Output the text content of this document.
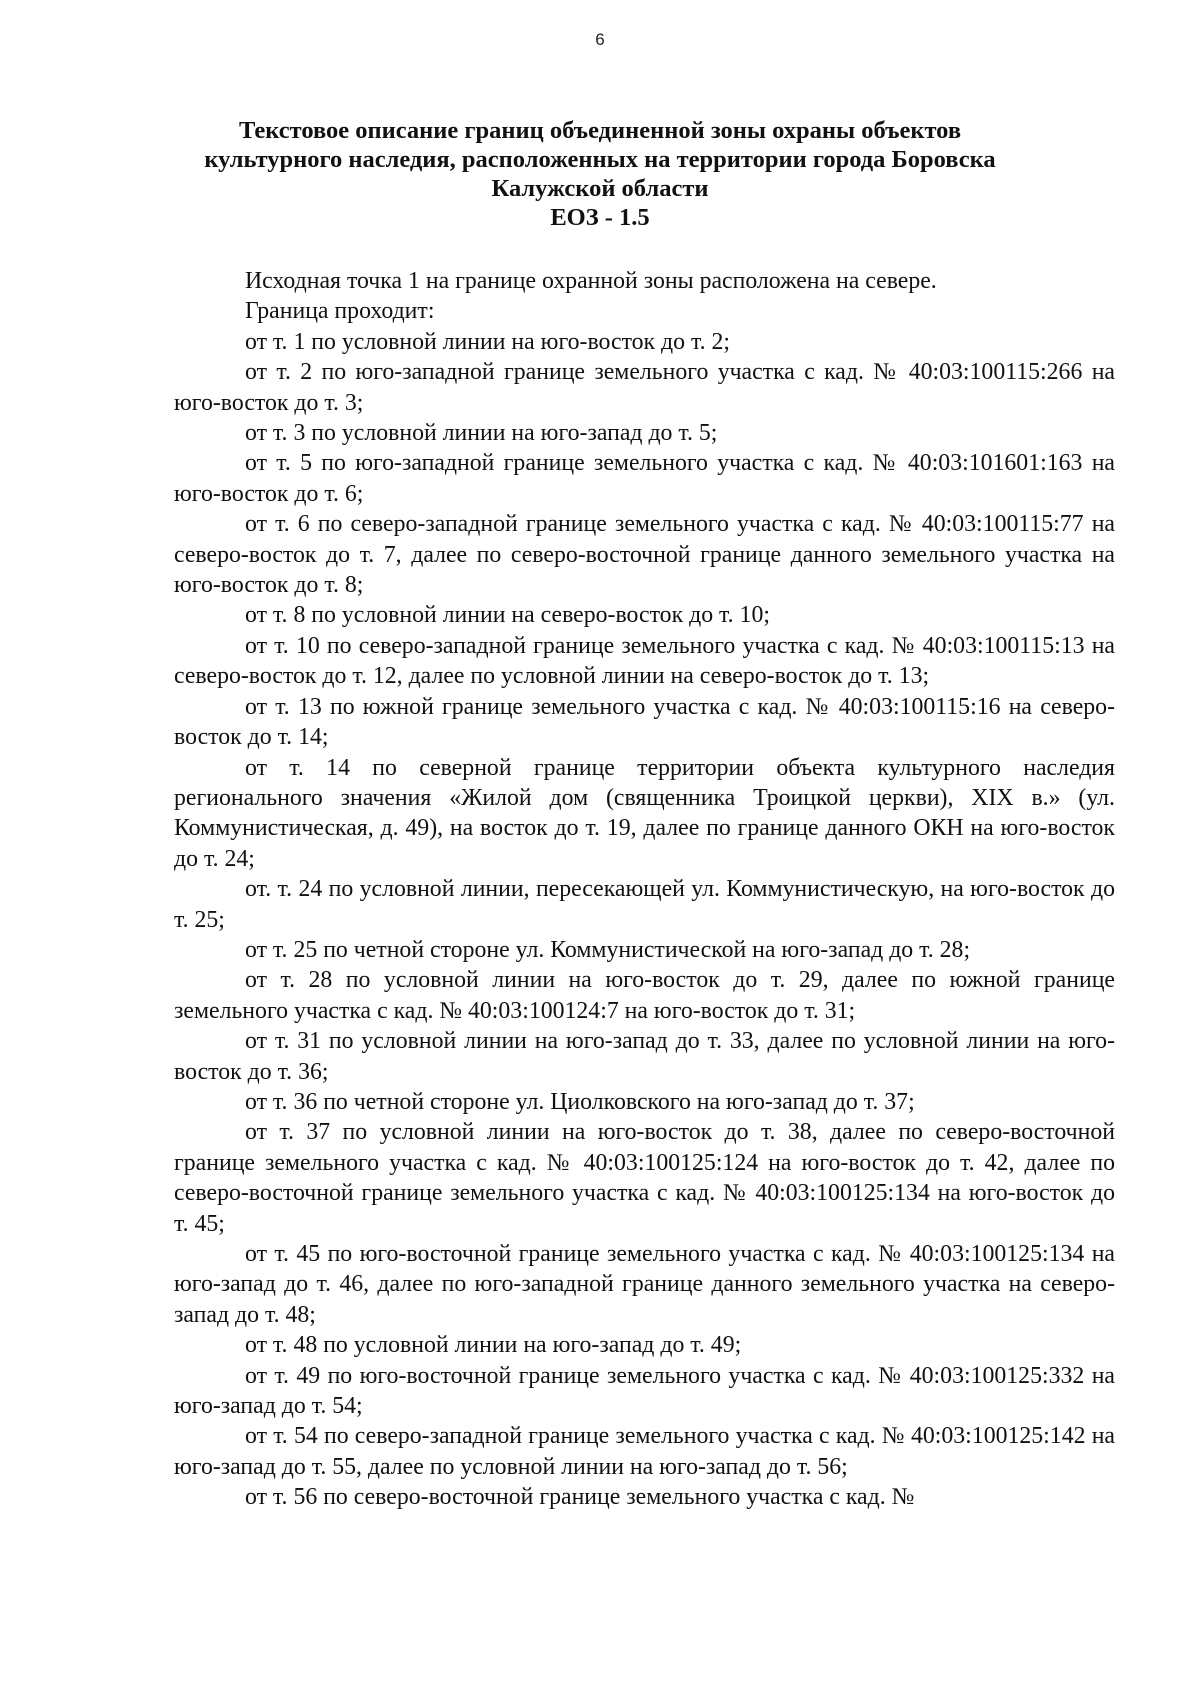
6
Текстовое описание границ объединенной зоны охраны объектов
культурного наследия, расположенных на территории города Боровска
Калужской области
ЕОЗ - 1.5

Исходная точка 1 на границе охранной зоны расположена на севере.

Граница проходит:

от т. 1 по условной линии на юго-восток до т. 2;

от т. 2 по юго-западной границе земельного участка с кад. № 40:03:100115:266 на юго-восток до т. 3;

от т. 3 по условной линии на юго-запад до т. 5;

от т. 5 по юго-западной границе земельного участка с кад. № 40:03:101601:163 на юго-восток до т. 6;

от т. 6 по северо-западной границе земельного участка с кад. № 40:03:100115:77 на северо-восток до т. 7, далее по северо-восточной границе данного земельного участка на юго-восток до т. 8;

от т. 8 по условной линии на северо-восток до т. 10;

от т. 10 по северо-западной границе земельного участка с кад. № 40:03:100115:13 на северо-восток до т. 12, далее по условной линии на северо-восток до т. 13;

от т. 13 по южной границе земельного участка с кад. № 40:03:100115:16 на северо-восток до т. 14;

от т. 14 по северной границе территории объекта культурного наследия регионального значения «Жилой дом (священника Троицкой церкви), XIX в.» (ул. Коммунистическая, д. 49), на восток до т. 19, далее по границе данного ОКН на юго-восток до т. 24;

от. т. 24 по условной линии, пересекающей ул. Коммунистическую, на юго-восток до т. 25;

от т. 25 по четной стороне ул. Коммунистической на юго-запад до т. 28;

от т. 28 по условной линии на юго-восток до т. 29, далее по южной границе земельного участка с кад. № 40:03:100124:7 на юго-восток до т. 31;

от т. 31 по условной линии на юго-запад до т. 33, далее по условной линии на юго-восток до т. 36;

от т. 36 по четной стороне ул. Циолковского на юго-запад до т. 37;

от т. 37 по условной линии на юго-восток до т. 38, далее по северо-восточной границе земельного участка с кад. № 40:03:100125:124 на юго-восток до т. 42, далее по северо-восточной границе земельного участка с кад. № 40:03:100125:134 на юго-восток до т. 45;

от т. 45 по юго-восточной границе земельного участка с кад. № 40:03:100125:134 на юго-запад до т. 46, далее по юго-западной границе данного земельного участка на северо-запад до т. 48;

от т. 48 по условной линии на юго-запад до т. 49;

от т. 49 по юго-восточной границе земельного участка с кад. № 40:03:100125:332 на юго-запад до т. 54;

от т. 54 по северо-западной границе земельного участка с кад. № 40:03:100125:142 на юго-запад до т. 55, далее по условной линии на юго-запад до т. 56;

от т. 56 по северо-восточной границе земельного участка с кад. №
